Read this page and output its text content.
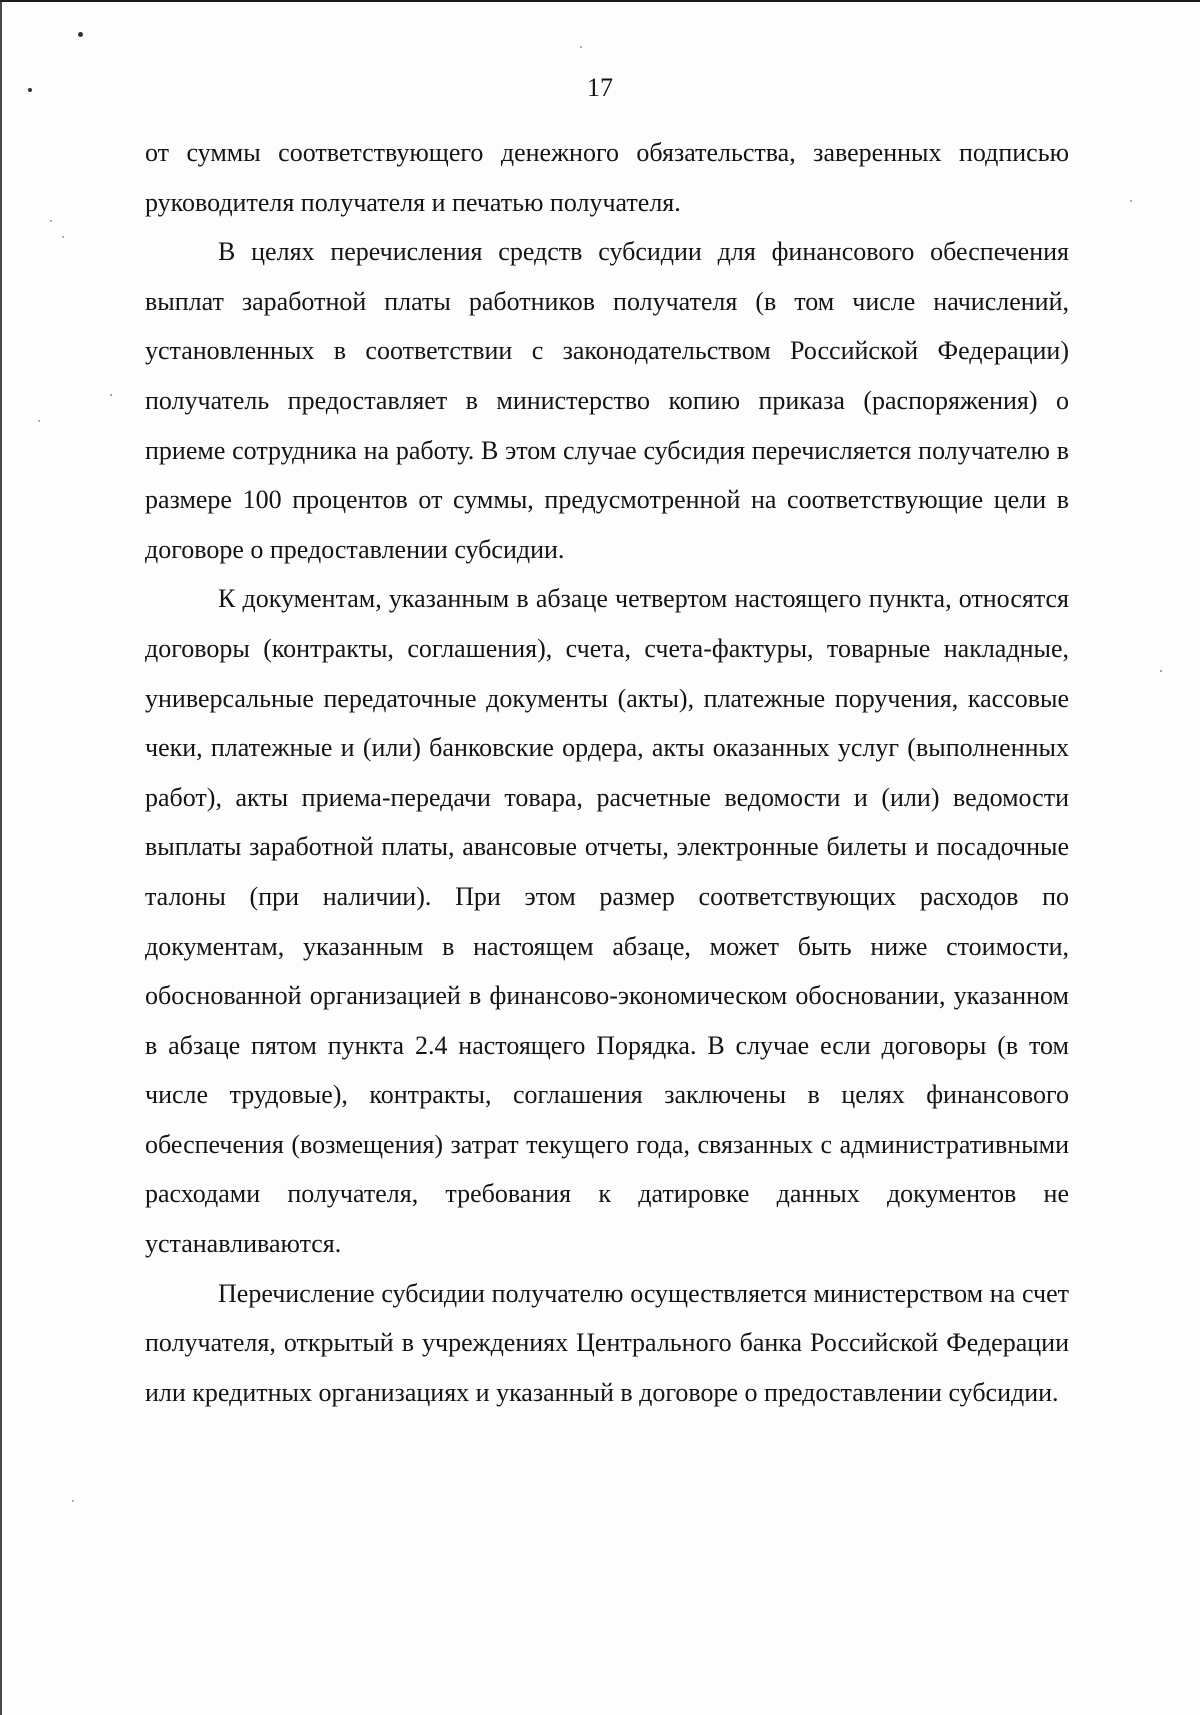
17

от суммы соответствующего денежного обязательства, заверенных подписью руководителя получателя и печатью получателя.

В целях перечисления средств субсидии для финансового обеспечения выплат заработной платы работников получателя (в том числе начислений, установленных в соответствии с законодательством Российской Федерации) получатель предоставляет в министерство копию приказа (распоряжения) о приеме сотрудника на работу. В этом случае субсидия перечисляется получателю в размере 100 процентов от суммы, предусмотренной на соответствующие цели в договоре о предоставлении субсидии.

К документам, указанным в абзаце четвертом настоящего пункта, относятся договоры (контракты, соглашения), счета, счета-фактуры, товарные накладные, универсальные передаточные документы (акты), платежные поручения, кассовые чеки, платежные и (или) банковские ордера, акты оказанных услуг (выполненных работ), акты приема-передачи товара, расчетные ведомости и (или) ведомости выплаты заработной платы, авансовые отчеты, электронные билеты и посадочные талоны (при наличии). При этом размер соответствующих расходов по документам, указанным в настоящем абзаце, может быть ниже стоимости, обоснованной организацией в финансово-экономическом обосновании, указанном в абзаце пятом пункта 2.4 настоящего Порядка. В случае если договоры (в том числе трудовые), контракты, соглашения заключены в целях финансового обеспечения (возмещения) затрат текущего года, связанных с административными расходами получателя, требования к датировке данных документов не устанавливаются.

Перечисление субсидии получателю осуществляется министерством на счет получателя, открытый в учреждениях Центрального банка Российской Федерации или кредитных организациях и указанный в договоре о предоставлении субсидии.
